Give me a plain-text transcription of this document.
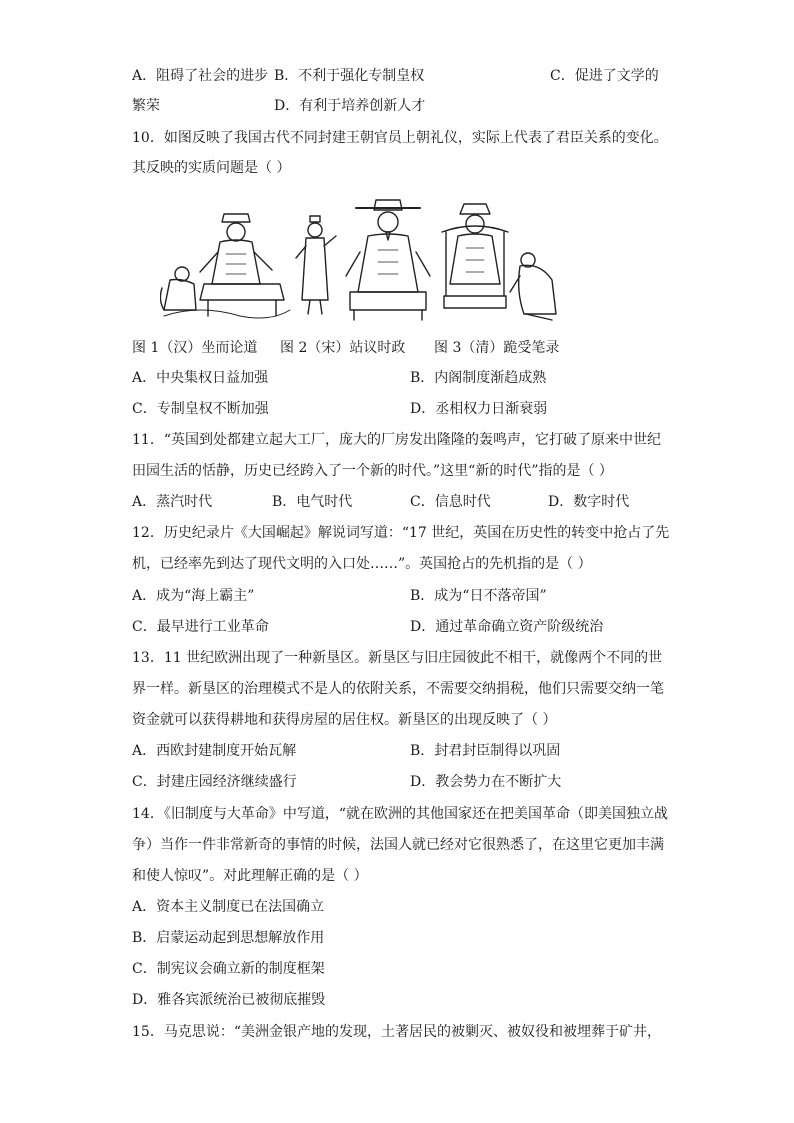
A．阻碍了社会的进步 B．不利于强化专制皇权	C．促进了文学的
繁荣	D．有利于培养创新人才
10．如图反映了我国古代不同封建王朝官员上朝礼仪，实际上代表了君臣关系的变化。
其反映的实质问题是（ ）
图 1（汉）坐而论道 图 2（宋）站议时政 图 3（清）跪受笔录
A．中央集权日益加强	B．内阁制度渐趋成熟
C．专制皇权不断加强	D．丞相权力日渐衰弱
11．“英国到处都建立起大工厂，庞大的厂房发出隆隆的轰鸣声，它打破了原来中世纪
田园生活的恬静，历史已经跨入了一个新的时代。”这里“新的时代”指的是（ ）
A．蒸汽时代	B．电气时代	C．信息时代	D．数字时代
12．历史纪录片《大国崛起》解说词写道：“17 世纪，英国在历史性的转变中抢占了先
机，已经率先到达了现代文明的入口处……”。英国抢占的先机指的是（ ）
A．成为“海上霸主”	B．成为“日不落帝国”
C．最早进行工业革命	D．通过革命确立资产阶级统治
13．11 世纪欧洲出现了一种新垦区。新垦区与旧庄园彼此不相干，就像两个不同的世
界一样。新垦区的治理模式不是人的依附关系，不需要交纳捐税，他们只需要交纳一笔
资金就可以获得耕地和获得房屋的居住权。新垦区的出现反映了（ ）
A．西欧封建制度开始瓦解	B．封君封臣制得以巩固
C．封建庄园经济继续盛行	D．教会势力在不断扩大
14．《旧制度与大革命》中写道，“就在欧洲的其他国家还在把美国革命（即美国独立战
争）当作一件非常新奇的事情的时候，法国人就已经对它很熟悉了，在这里它更加丰满
和使人惊叹”。对此理解正确的是（ ）
A．资本主义制度已在法国确立
B．启蒙运动起到思想解放作用
C．制宪议会确立新的制度框架
D．雅各宾派统治已被彻底摧毁
15．马克思说：“美洲金银产地的发现，土著居民的被剿灭、被奴役和被埋葬于矿井，
